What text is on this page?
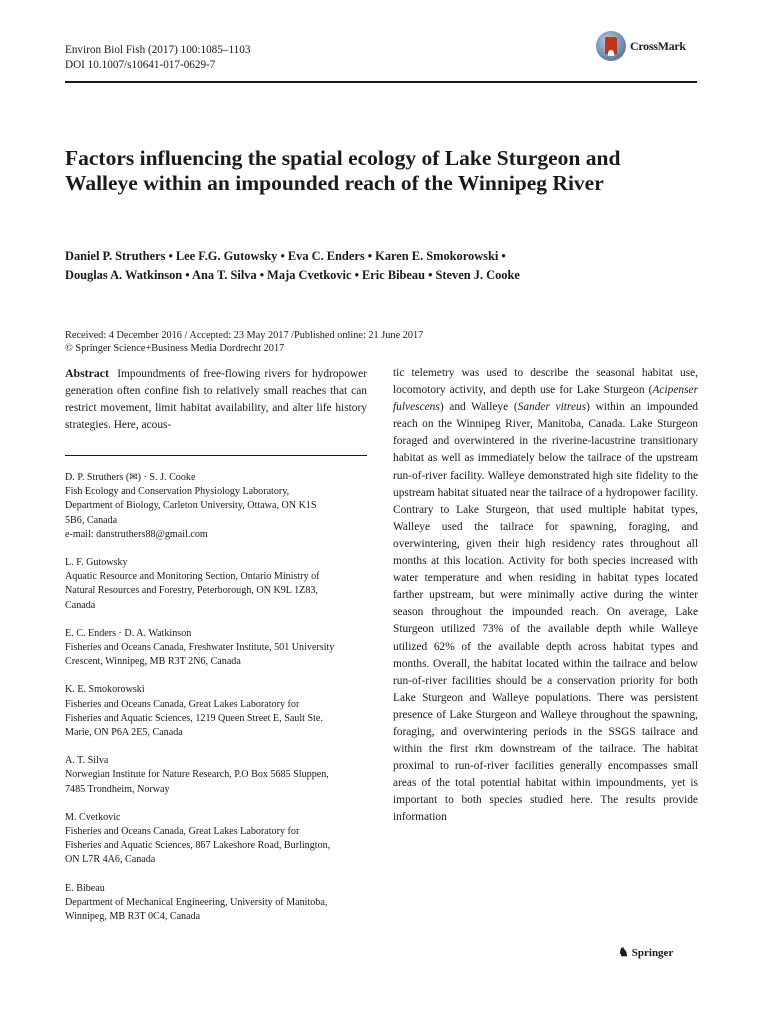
Environ Biol Fish (2017) 100:1085–1103
DOI 10.1007/s10641-017-0629-7
CrossMark
Factors influencing the spatial ecology of Lake Sturgeon and Walleye within an impounded reach of the Winnipeg River
Daniel P. Struthers • Lee F.G. Gutowsky • Eva C. Enders • Karen E. Smokorowski •
Douglas A. Watkinson • Ana T. Silva • Maja Cvetkovic • Eric Bibeau • Steven J. Cooke
Received: 4 December 2016 / Accepted: 23 May 2017 /Published online: 21 June 2017
© Springer Science+Business Media Dordrecht 2017

Abstract Impoundments of free-flowing rivers for hydropower generation often confine fish to relatively small reaches that can restrict movement, limit habitat availability, and alter life history strategies. Here, acous-

D. P. Struthers (✉) · S. J. Cooke

Fish Ecology and Conservation Physiology Laboratory,

Department of Biology, Carleton University, Ottawa, ON K1S

5B6, Canada

e-mail: danstruthers88@gmail.com

L. F. Gutowsky

Aquatic Resource and Monitoring Section, Ontario Ministry of

Natural Resources and Forestry, Peterborough, ON K9L 1Z83,

Canada

E. C. Enders · D. A. Watkinson

Fisheries and Oceans Canada, Freshwater Institute, 501 University

Crescent, Winnipeg, MB R3T 2N6, Canada

K. E. Smokorowski

Fisheries and Oceans Canada, Great Lakes Laboratory for

Fisheries and Aquatic Sciences, 1219 Queen Street E, Sault Ste.

Marie, ON P6A 2E5, Canada

A. T. Silva

Norwegian Institute for Nature Research, P.O Box 5685 Sluppen,

7485 Trondheim, Norway

M. Cvetkovic

Fisheries and Oceans Canada, Great Lakes Laboratory for

Fisheries and Aquatic Sciences, 867 Lakeshore Road, Burlington,

ON L7R 4A6, Canada

E. Bibeau

Department of Mechanical Engineering, University of Manitoba,

Winnipeg, MB R3T 0C4, Canada

tic telemetry was used to describe the seasonal habitat use, locomotory activity, and depth use for Lake Sturgeon (Acipenser fulvescens) and Walleye (Sander vitreus) within an impounded reach on the Winnipeg River, Manitoba, Canada. Lake Sturgeon foraged and overwintered in the riverine-lacustrine transitionary habitat as well as immediately below the tailrace of the upstream run-of-river facility. Walleye demonstrated high site fidelity to the upstream habitat situated near the tailrace of a hydropower facility. Contrary to Lake Sturgeon, that used multiple habitat types, Walleye used the tailrace for spawning, foraging, and overwintering, given their high residency rates throughout all months at this location. Activity for both species increased with water temperature and when residing in habitat types located farther upstream, but were minimally active during the winter season throughout the impounded reach. On average, Lake Sturgeon utilized 73% of the available depth while Walleye utilized 62% of the available depth across habitat types and months. Overall, the habitat located within the tailrace and below run-of-river facilities should be a conservation priority for both Lake Sturgeon and Walleye populations. There was persistent presence of Lake Sturgeon and Walleye throughout the spawning, foraging, and overwintering periods in the SSGS tailrace and within the first rkm downstream of the tailrace. The habitat proximal to run-of-river facilities generally encompasses small areas of the total potential habitat within impoundments, yet is important to both species studied here. The results provide information

♞ Springer
